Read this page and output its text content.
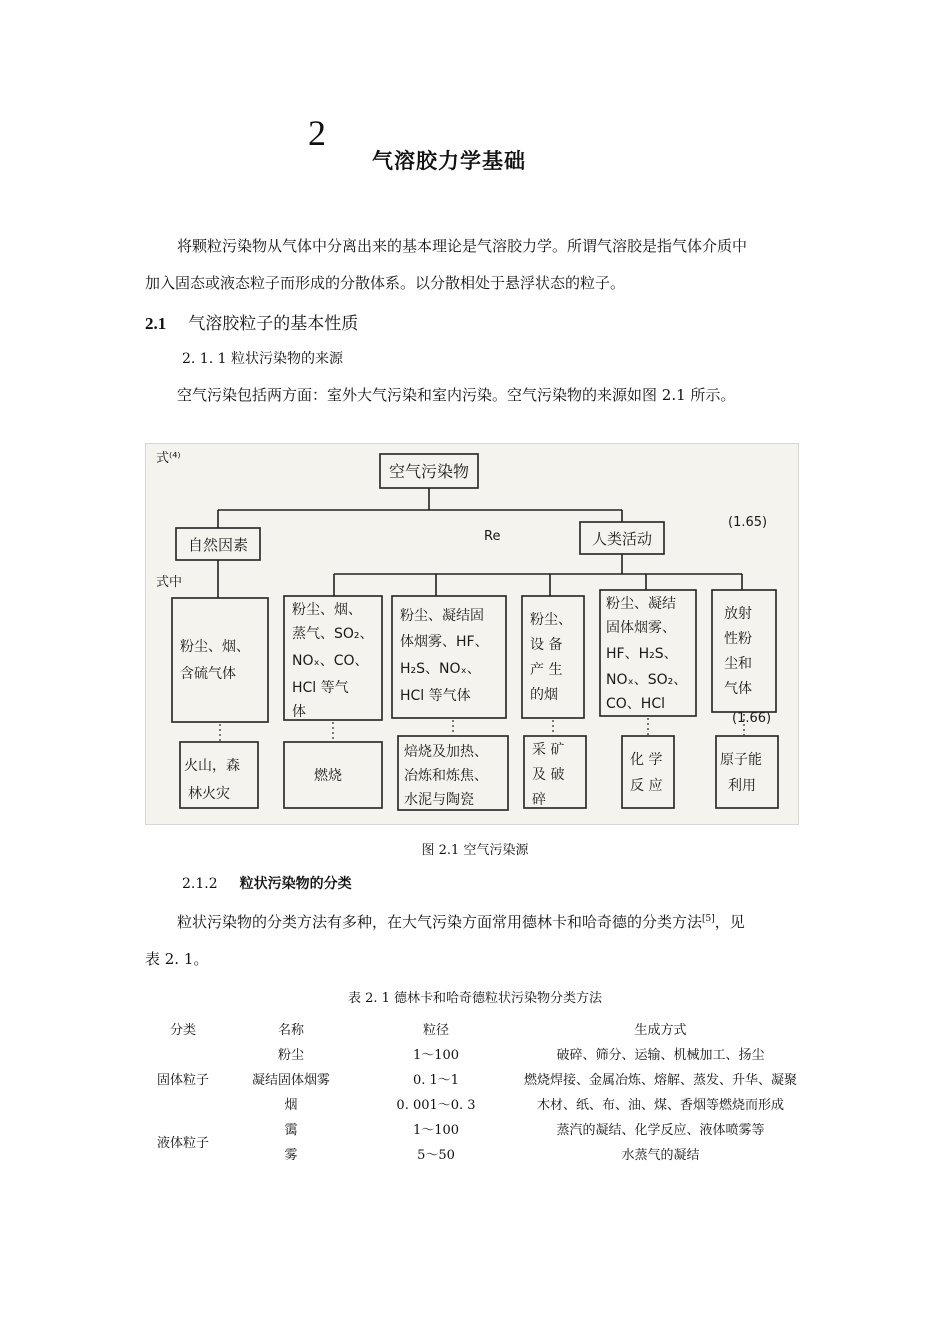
2
气溶胶力学基础
将颗粒污染物从气体中分离出来的基本理论是气溶胶力学。所谓气溶胶是指气体介质中
加入固态或液态粒子而形成的分散体系。以分散相处于悬浮状态的粒子。
2.1 气溶胶粒子的基本性质
2. 1. 1 粒状污染物的来源
空气污染包括两方面：室外大气污染和室内污染。空气污染物的来源如图 2.1 所示。
式⁽⁴⁾
(1.65)
Re
式中
(1.66)
空气污染物
自然因素	人类活动
粉尘、烟、
含硫气体
粉尘、烟、
蒸气、SO₂、
NOₓ、CO、
HCl 等气
体
粉尘、凝结固
体烟雾、HF、
H₂S、NOₓ、
HCl 等气体
粉尘、
设 备
产 生
的烟
粉尘、凝结
固体烟雾、
HF、H₂S、
NOₓ、SO₂、
CO、HCl
放射
性粉
尘和
气体
火山，森
林火灾
燃烧
焙烧及加热、
冶炼和炼焦、
水泥与陶瓷
采 矿
及 破
碎
化 学
反 应
原子能
利用
图 2.1 空气污染源
2.1.2 粒状污染物的分类
粒状污染物的分类方法有多种，在大气污染方面常用德林卡和哈奇德的分类方法[5]，见
表 2. 1。
表 2. 1 德林卡和哈奇德粒状污染物分类方法
分类	名称	粒径	生成方式
固体粒子	粉尘	1～100	破碎、筛分、运输、机械加工、扬尘
	凝结固体烟雾	0. 1～1	燃烧焊接、金属冶炼、熔解、蒸发、升华、凝聚
	烟	0. 001～0. 3	木材、纸、布、油、煤、香烟等燃烧而形成
液体粒子	霭	1～100	蒸汽的凝结、化学反应、液体喷雾等
	雾	5～50	水蒸气的凝结
